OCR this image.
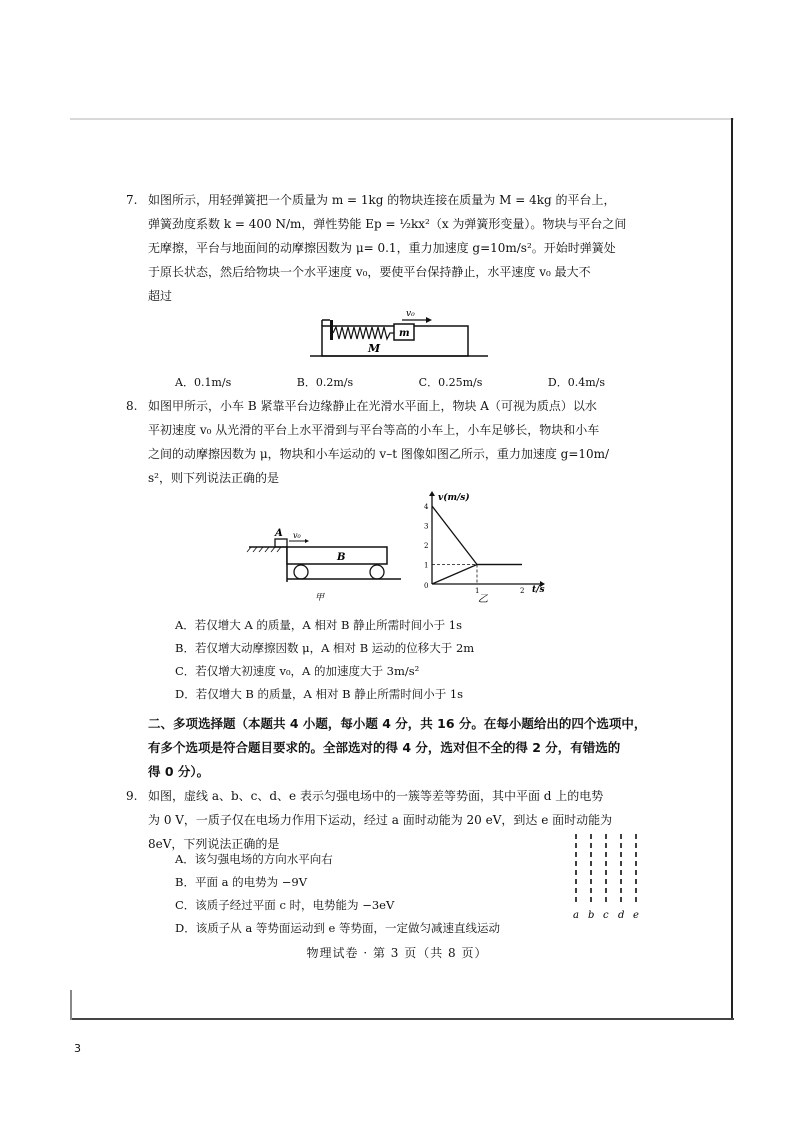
7. 如图所示，用轻弹簧把一个质量为 m = 1kg 的物块连接在质量为 M = 4kg 的平台上，
弹簧劲度系数 k = 400 N/m，弹性势能 Ep = ½kx²（x 为弹簧形变量）。物块与平台之间
无摩擦，平台与地面间的动摩擦因数为 μ= 0.1，重力加速度 g=10m/s²。开始时弹簧处
于原长状态，然后给物块一个水平速度 v₀，要使平台保持静止，水平速度 v₀ 最大不
超过
m
v₀
M
A．0.1m/s	B．0.2m/s	C．0.25m/s	D．0.4m/s
8. 如图甲所示，小车 B 紧靠平台边缘静止在光滑水平面上，物块 A（可视为质点）以水
平初速度 v₀ 从光滑的平台上水平滑到与平台等高的小车上，小车足够长，物块和小车
之间的动摩擦因数为 μ，物块和小车运动的 v–t 图像如图乙所示，重力加速度 g=10m/
s²，则下列说法正确的是
A v₀
B
甲
4
3
2
1
1	2
v(m/s)
t/s
0
乙
A．若仅增大 A 的质量，A 相对 B 静止所需时间小于 1s
B．若仅增大动摩擦因数 μ，A 相对 B 运动的位移大于 2m
C．若仅增大初速度 v₀，A 的加速度大于 3m/s²
D．若仅增大 B 的质量，A 相对 B 静止所需时间小于 1s
二、多项选择题（本题共 4 小题，每小题 4 分，共 16 分。在每小题给出的四个选项中，
有多个选项是符合题目要求的。全部选对的得 4 分，选对但不全的得 2 分，有错选的
得 0 分）。
9. 如图，虚线 a、b、c、d、e 表示匀强电场中的一簇等差等势面，其中平面 d 上的电势
为 0 V，一质子仅在电场力作用下运动，经过 a 面时动能为 20 eV，到达 e 面时动能为
8eV，下列说法正确的是
A．该匀强电场的方向水平向右
B．平面 a 的电势为 −9V
C．该质子经过平面 c 时，电势能为 −3eV
D．该质子从 a 等势面运动到 e 等势面，一定做匀减速直线运动
a b c d e
物理试卷 · 第 3 页（共 8 页）
3
